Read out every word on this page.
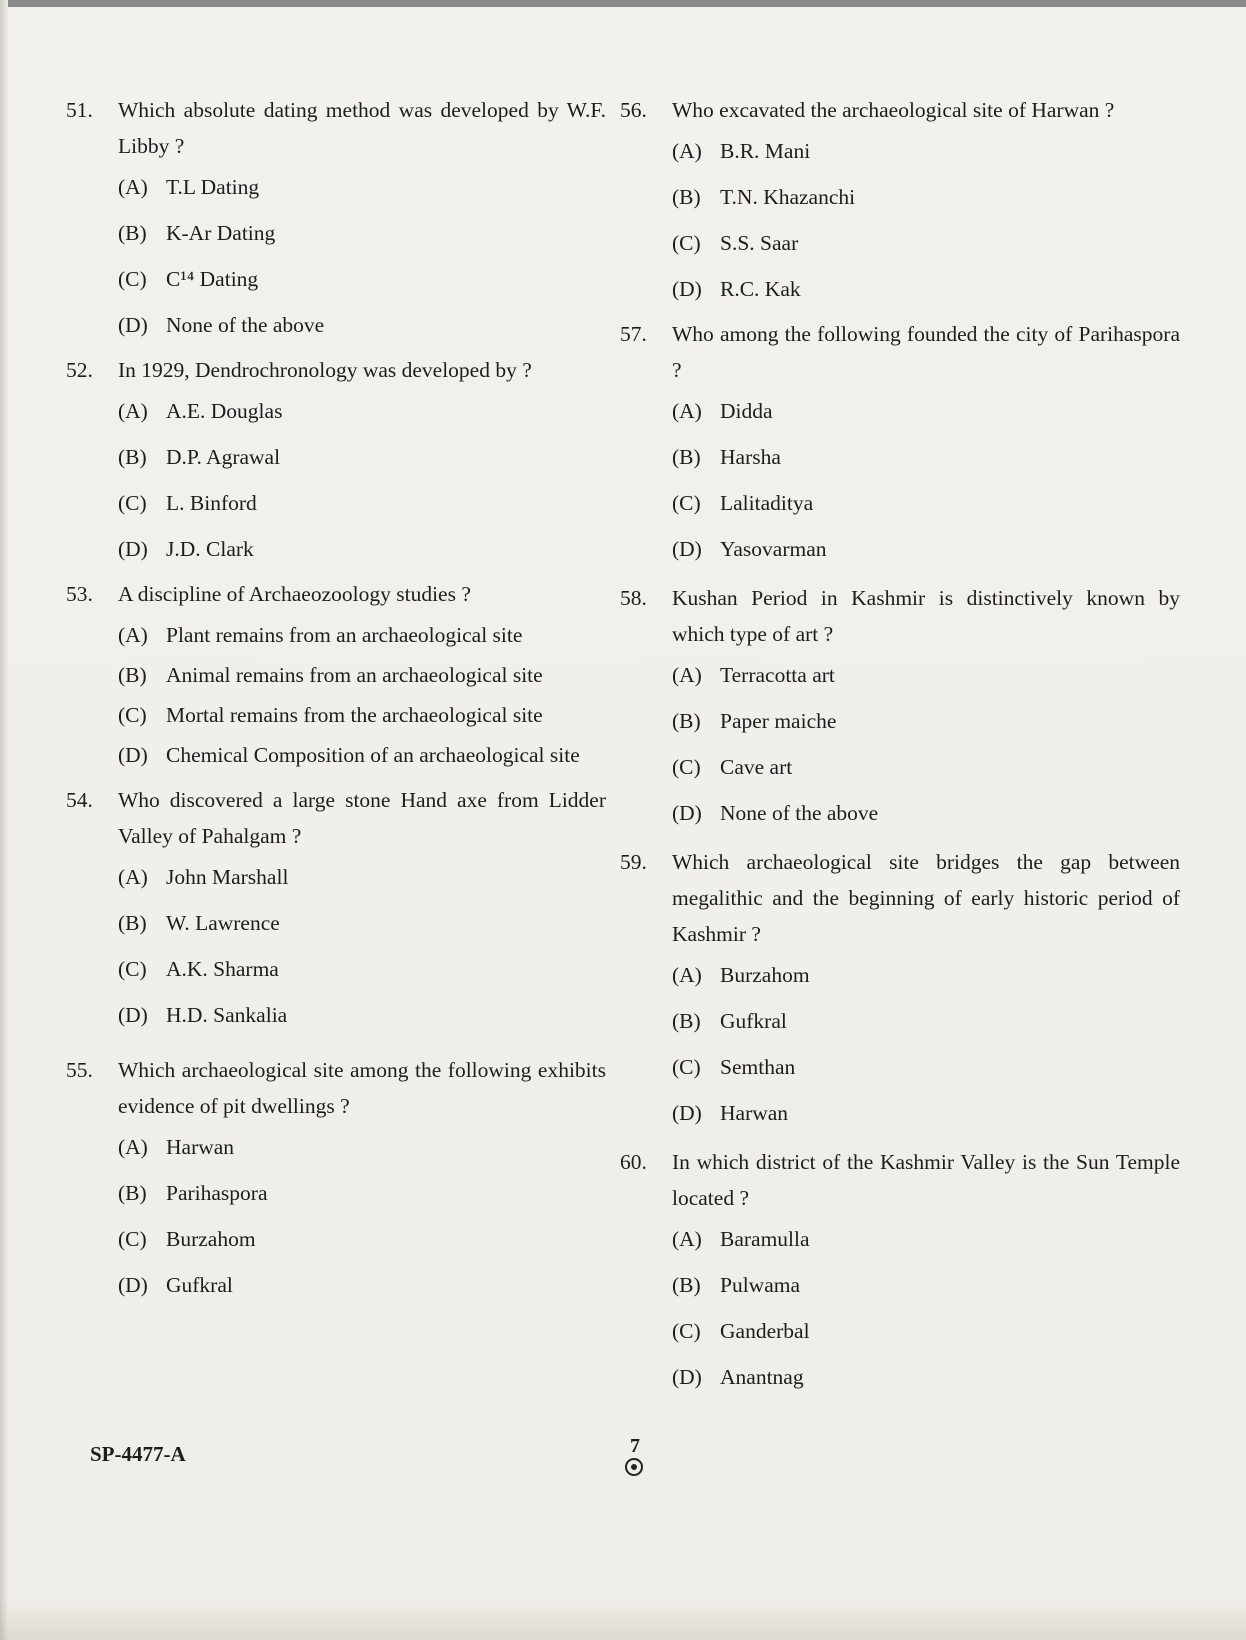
51.	Which absolute dating method was developed by W.F. Libby ?
(A) T.L Dating
(B) K-Ar Dating
(C) C¹⁴ Dating
(D) None of the above
52.	In 1929, Dendrochronology was developed by ?
(A) A.E. Douglas
(B) D.P. Agrawal
(C) L. Binford
(D) J.D. Clark
53.	A discipline of Archaeozoology studies ?
(A) Plant remains from an archaeological site
(B) Animal remains from an archaeological site
(C) Mortal remains from the archaeological site
(D) Chemical Composition of an archaeological site
54.	Who discovered a large stone Hand axe from Lidder Valley of Pahalgam ?
(A) John Marshall
(B) W. Lawrence
(C) A.K. Sharma
(D) H.D. Sankalia
55.	Which archaeological site among the following exhibits evidence of pit dwellings ?
(A) Harwan
(B) Parihaspora
(C) Burzahom
(D) Gufkral
56.	Who excavated the archaeological site of Harwan ?
(A) B.R. Mani
(B) T.N. Khazanchi
(C) S.S. Saar
(D) R.C. Kak
57.	Who among the following founded the city of Parihaspora ?
(A) Didda
(B) Harsha
(C) Lalitaditya
(D) Yasovarman
58.	Kushan Period in Kashmir is distinctively known by which type of art ?
(A) Terracotta art
(B) Paper maiche
(C) Cave art
(D) None of the above
59.	Which archaeological site bridges the gap between megalithic and the beginning of early historic period of Kashmir ?
(A) Burzahom
(B) Gufkral
(C) Semthan
(D) Harwan
60.	In which district of the Kashmir Valley is the Sun Temple located ?
(A) Baramulla
(B) Pulwama
(C) Ganderbal
(D) Anantnag
SP-4477-A	7
